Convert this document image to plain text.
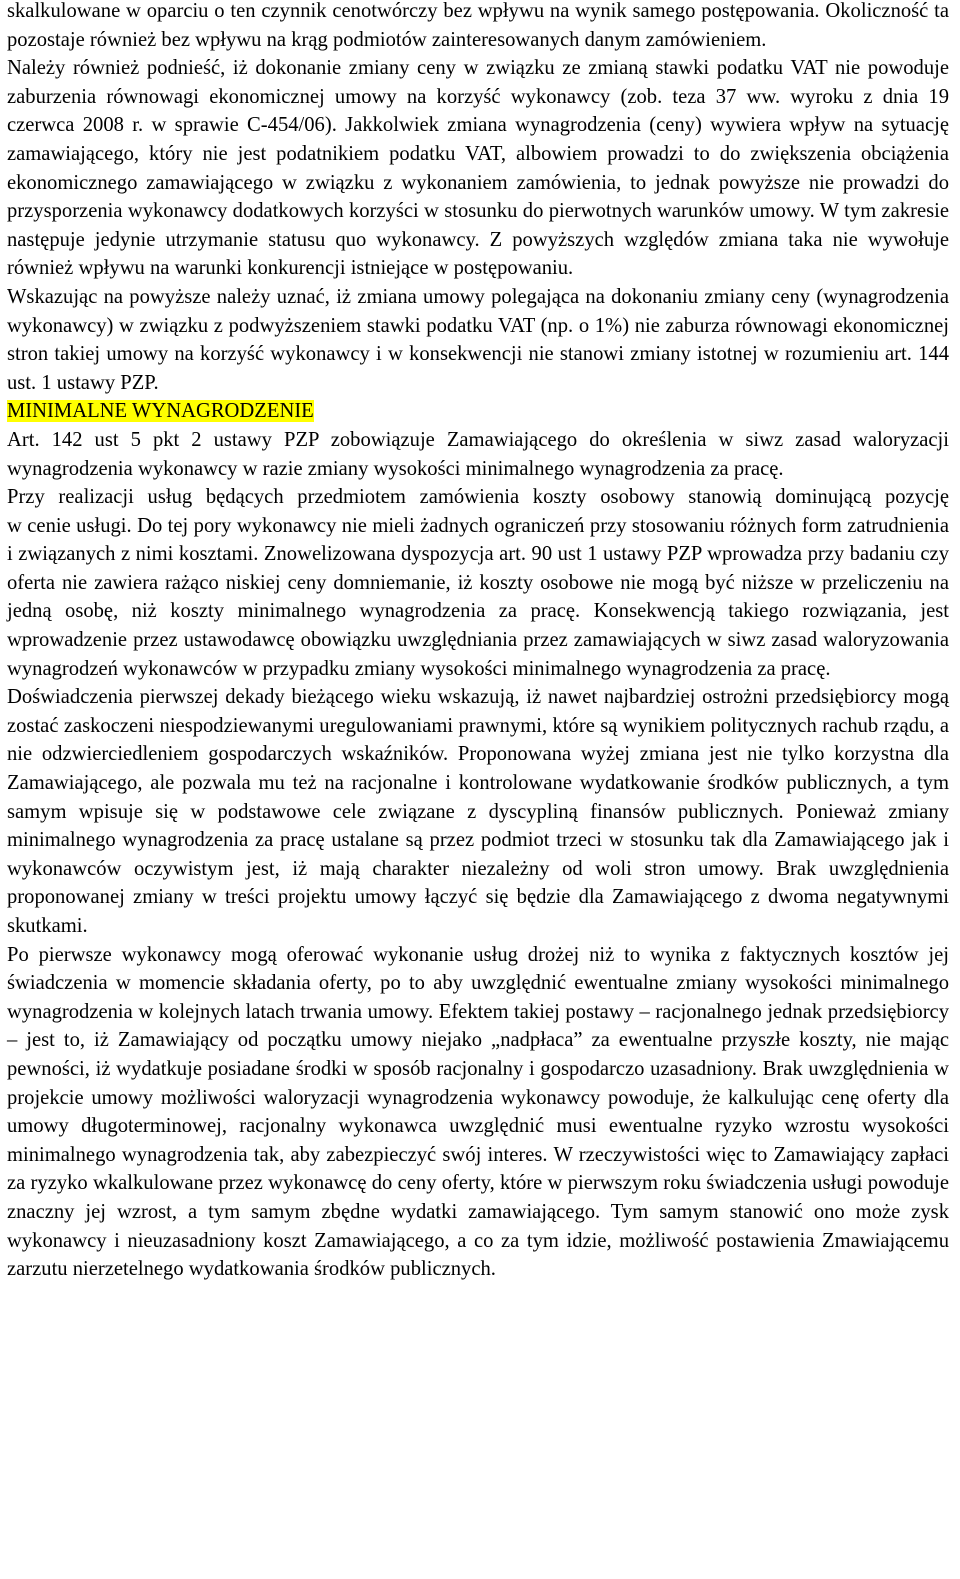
skalkulowane w oparciu o ten czynnik cenotwórczy bez wpływu na wynik samego postępowania. Okoliczność ta pozostaje również bez wpływu na krąg podmiotów zainteresowanych danym zamówieniem.

Należy również podnieść, iż dokonanie zmiany ceny w związku ze zmianą stawki podatku VAT nie powoduje zaburzenia równowagi ekonomicznej umowy na korzyść wykonawcy (zob. teza 37 ww. wyroku z dnia 19 czerwca 2008 r. w sprawie C-454/06). Jakkolwiek zmiana wynagrodzenia (ceny) wywiera wpływ na sytuację zamawiającego, który nie jest podatnikiem podatku VAT, albowiem prowadzi to do zwiększenia obciążenia ekonomicznego zamawiającego w związku z wykonaniem zamówienia, to jednak powyższe nie prowadzi do przysporzenia wykonawcy dodatkowych korzyści w stosunku do pierwotnych warunków umowy. W tym zakresie następuje jedynie utrzymanie statusu quo wykonawcy. Z powyższych względów zmiana taka nie wywołuje również wpływu na warunki konkurencji istniejące w postępowaniu.

Wskazując na powyższe należy uznać, iż zmiana umowy polegająca na dokonaniu zmiany ceny (wynagrodzenia wykonawcy) w związku z podwyższeniem stawki podatku VAT (np. o 1%) nie zaburza równowagi ekonomicznej stron takiej umowy na korzyść wykonawcy i w konsekwencji nie stanowi zmiany istotnej w rozumieniu art. 144 ust. 1 ustawy PZP.

MINIMALNE WYNAGRODZENIE

Art. 142 ust 5 pkt 2 ustawy PZP zobowiązuje Zamawiającego do określenia w siwz zasad waloryzacji wynagrodzenia wykonawcy w razie zmiany wysokości minimalnego wynagrodzenia za pracę.

Przy realizacji usług będących przedmiotem zamówienia koszty osobowy stanowią dominującą pozycję

w cenie usługi. Do tej pory wykonawcy nie mieli żadnych ograniczeń przy stosowaniu różnych form zatrudnienia i związanych z nimi kosztami. Znowelizowana dyspozycja art. 90 ust 1 ustawy PZP wprowadza przy badaniu czy oferta nie zawiera rażąco niskiej ceny domniemanie, iż koszty osobowe nie mogą być niższe w przeliczeniu na jedną osobę, niż koszty minimalnego wynagrodzenia za pracę. Konsekwencją takiego rozwiązania, jest wprowadzenie przez ustawodawcę obowiązku uwzględniania przez zamawiających w siwz zasad waloryzowania wynagrodzeń wykonawców w przypadku zmiany wysokości minimalnego wynagrodzenia za pracę.

Doświadczenia pierwszej dekady bieżącego wieku wskazują, iż nawet najbardziej ostrożni przedsiębiorcy mogą zostać zaskoczeni niespodziewanymi uregulowaniami prawnymi, które są wynikiem politycznych rachub rządu, a nie odzwierciedleniem gospodarczych wskaźników. Proponowana wyżej zmiana jest nie tylko korzystna dla Zamawiającego, ale pozwala mu też na racjonalne i kontrolowane wydatkowanie środków publicznych, a tym samym wpisuje się w podstawowe cele związane z dyscypliną finansów publicznych. Ponieważ zmiany minimalnego wynagrodzenia za pracę ustalane są przez podmiot trzeci w stosunku tak dla Zamawiającego jak i wykonawców oczywistym jest, iż mają charakter niezależny od woli stron umowy. Brak uwzględnienia proponowanej zmiany w treści projektu umowy łączyć się będzie dla Zamawiającego z dwoma negatywnymi skutkami.

Po pierwsze wykonawcy mogą oferować wykonanie usług drożej niż to wynika z faktycznych kosztów jej świadczenia w momencie składania oferty, po to aby uwzględnić ewentualne zmiany wysokości minimalnego wynagrodzenia w kolejnych latach trwania umowy. Efektem takiej postawy – racjonalnego jednak przedsiębiorcy – jest to, iż Zamawiający od początku umowy niejako „nadpłaca” za ewentualne przyszłe koszty, nie mając pewności, iż wydatkuje posiadane środki w sposób racjonalny i gospodarczo uzasadniony. Brak uwzględnienia w projekcie umowy możliwości waloryzacji wynagrodzenia wykonawcy powoduje, że kalkulując cenę oferty dla umowy długoterminowej, racjonalny wykonawca uwzględnić musi ewentualne ryzyko wzrostu wysokości minimalnego wynagrodzenia tak, aby zabezpieczyć swój interes. W rzeczywistości więc to Zamawiający zapłaci za ryzyko wkalkulowane przez wykonawcę do ceny oferty, które w pierwszym roku świadczenia usługi powoduje znaczny jej wzrost, a tym samym zbędne wydatki zamawiającego. Tym samym stanowić ono może zysk wykonawcy i nieuzasadniony koszt Zamawiającego, a co za tym idzie, możliwość postawienia Zmawiającemu zarzutu nierzetelnego wydatkowania środków publicznych.
